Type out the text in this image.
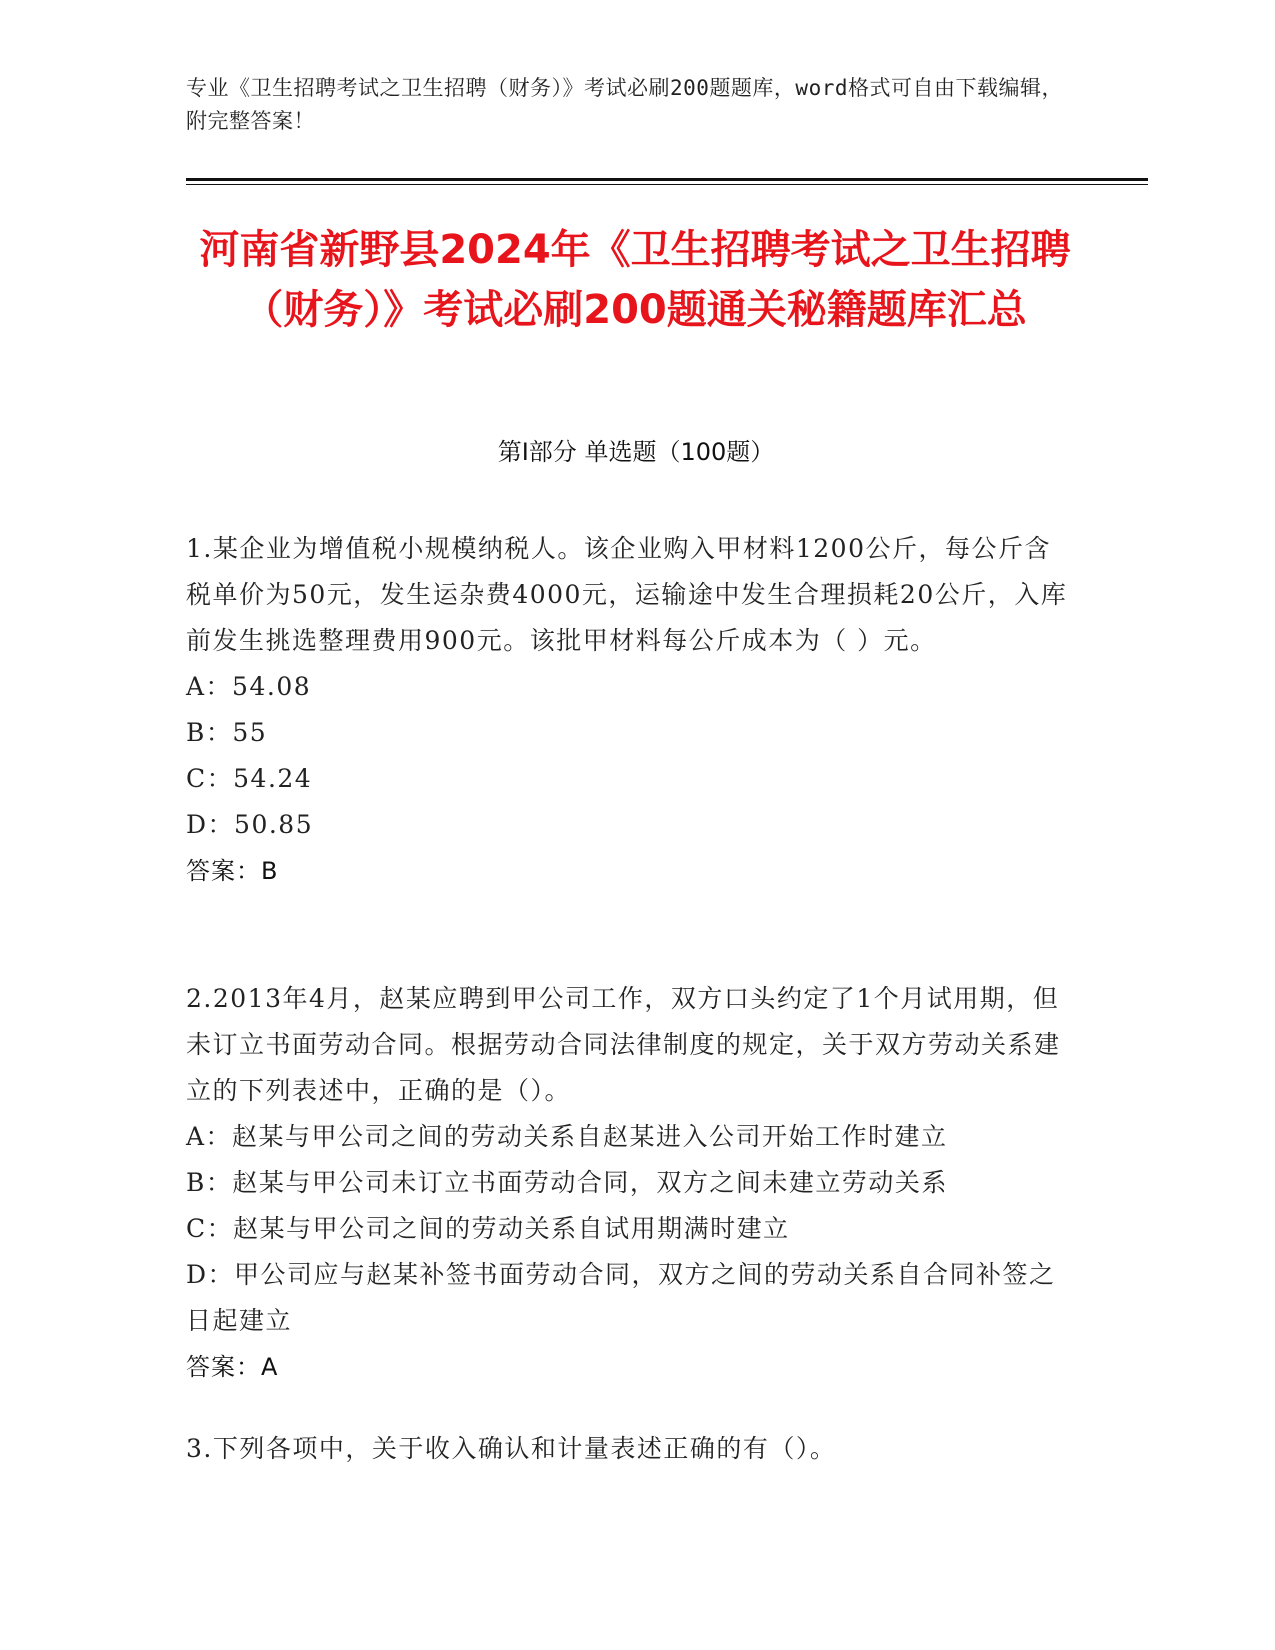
专业《卫生招聘考试之卫生招聘（财务）》考试必刷200题题库，word格式可自由下载编辑，附完整答案！
河南省新野县2024年《卫生招聘考试之卫生招聘（财务）》考试必刷200题通关秘籍题库汇总
第I部分 单选题（100题）

1.某企业为增值税小规模纳税人。该企业购入甲材料1200公斤，每公斤含税单价为50元，发生运杂费4000元，运输途中发生合理损耗20公斤，入库前发生挑选整理费用900元。该批甲材料每公斤成本为（ ）元。

A：54.08

B：55

C：54.24

D：50.85

答案：B

2.2013年4月，赵某应聘到甲公司工作，双方口头约定了1个月试用期，但未订立书面劳动合同。根据劳动合同法律制度的规定，关于双方劳动关系建立的下列表述中，正确的是（）。

A：赵某与甲公司之间的劳动关系自赵某进入公司开始工作时建立

B：赵某与甲公司未订立书面劳动合同，双方之间未建立劳动关系

C：赵某与甲公司之间的劳动关系自试用期满时建立

D：甲公司应与赵某补签书面劳动合同，双方之间的劳动关系自合同补签之日起建立

答案：A

3.下列各项中，关于收入确认和计量表述正确的有（）。
